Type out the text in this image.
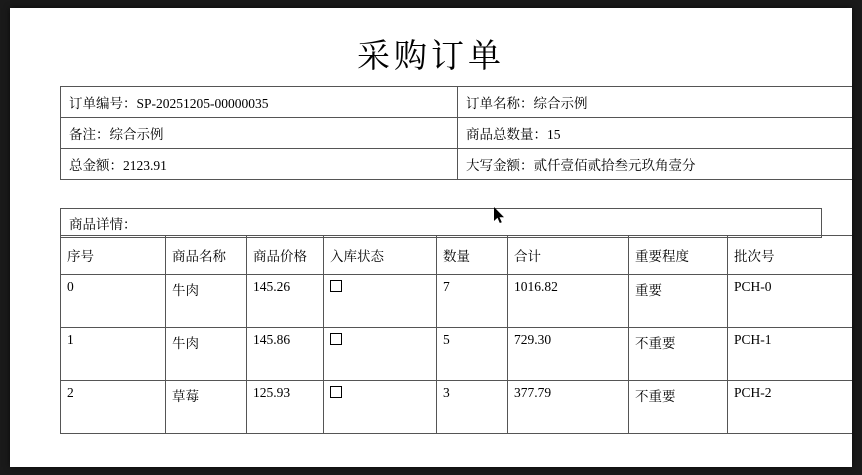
采购订单
订单编号：SP-20251205-00000035	订单名称：综合示例
备注：综合示例	商品总数量：15
总金额：2123.91	大写金额：贰仟壹佰贰拾叁元玖角壹分
商品详情：
序号	商品名称	商品价格	入库状态	数量	合计	重要程度	批次号
0	牛肉	145.26		7	1016.82	重要	PCH-0
1	牛肉	145.86		5	729.30	不重要	PCH-1
2	草莓	125.93		3	377.79	不重要	PCH-2
